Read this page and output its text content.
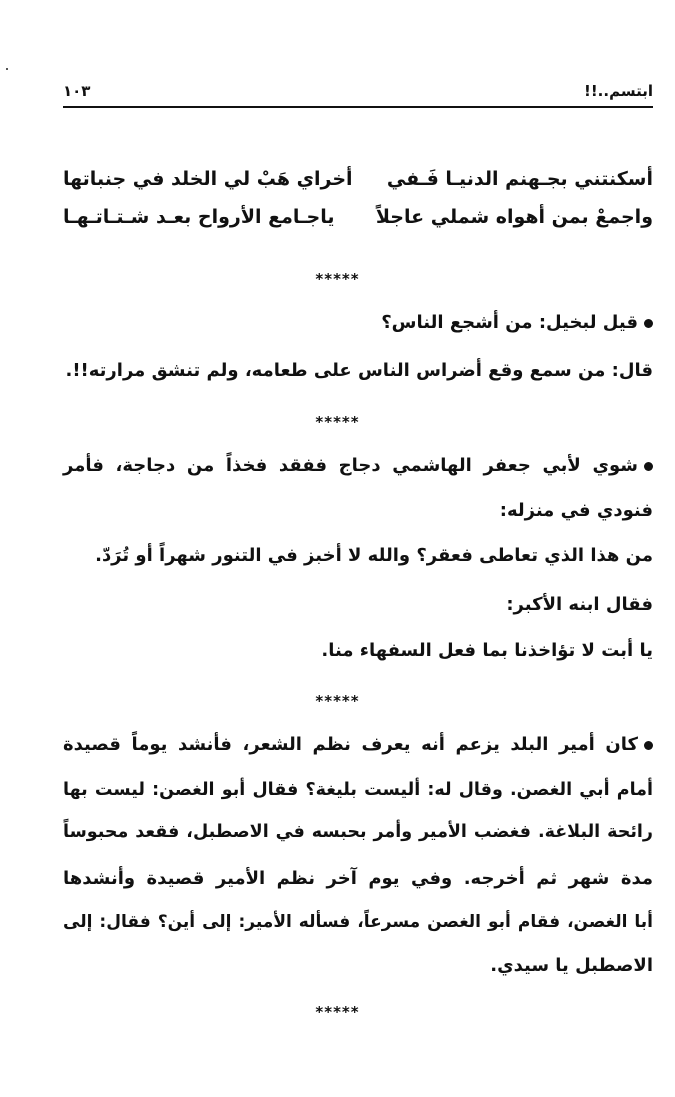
ابتسم..!!
١٠٣
أسكنتني بجـهنم الدنيـا فَـفي
أخراي هَبْ لي الخلد في جنباتها
واجمعْ بمن أهواه شملي عاجلاً
ياجـامع الأرواح بعـد شـتـاتـهـا
*****
قيل لبخيل: من أشجع الناس؟
قال: من سمع وقع أضراس الناس على طعامه، ولم تنشق مرارته!!.
*****
شوي لأبي جعفر الهاشمي دجاج ففقد فخذاً من دجاجة، فأمر
فنودي في منزله:
من هذا الذي تعاطى فعقر؟ والله لا أخبز في التنور شهراً أو تُرَدّ.
فقال ابنه الأكبر:
يا أبت لا تؤاخذنا بما فعل السفهاء منا.
*****
كان أمير البلد يزعم أنه يعرف نظم الشعر، فأنشد يوماً قصيدة
أمام أبي الغصن. وقال له: أليست بليغة؟ فقال أبو الغصن: ليست بها
رائحة البلاغة. فغضب الأمير وأمر بحبسه في الاصطبل، فقعد محبوساً
مدة شهر ثم أخرجه. وفي يوم آخر نظم الأمير قصيدة وأنشدها
أبا الغصن، فقام أبو الغصن مسرعاً، فسأله الأمير: إلى أين؟ فقال: إلى
الاصطبل يا سيدي.
*****
